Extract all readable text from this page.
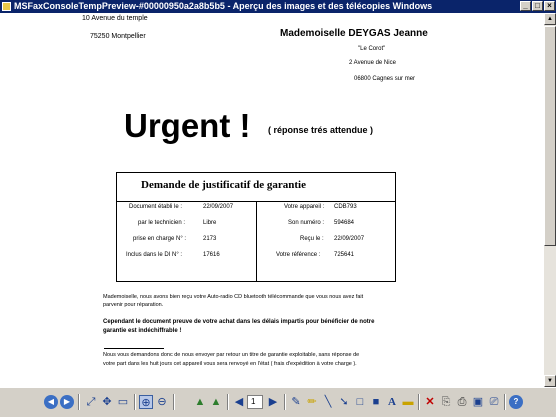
MSFaxConsoleTempPreview-#00000950a2a8b5b5 - Aperçu des images et des télécopies Windows	_ □ ×
10 Avenue du temple
75250 Montpellier	Mademoiselle DEYGAS Jeanne
"Le Corot"
2 Avenue de Nice
06800 Cagnes sur mer
Urgent ! ( réponse trés attendue )
Demande de justificatif de garantie
Document établi le :	22/09/2007
par le technicien :	Libre
prise en charge N° :	2173
Inclus dans le DI N° :	17616
Votre appareil : CDB793
Son numéro : 594684
Reçu le : 22/09/2007
Votre référence : 725641
Mademoiselle, nous avons bien reçu votre Auto-radio CD bluetooth télécommande que vous nous avez fait
parvenir pour réparation.
Cependant le document preuve de votre achat dans les délais impartis pour bénéficier de notre
garantie est indéchiffrable !
Nous vous demandons donc de nous envoyer par retour un titre de garantie exploitable, sans réponse de
votre part dans les huit jours cet appareil vous sera renvoyé en l'état ( frais d'expédition à votre charge ).
▲
▼
◀	▶	⤢ ✥ ▭ ⊕ ⊖	▲ ▲ ◀ 1	▶ ✎ ✏ ╲ ➘ □ ■ A ▬ ✕ ⎘ ⎙ ▣ ⎚	?
